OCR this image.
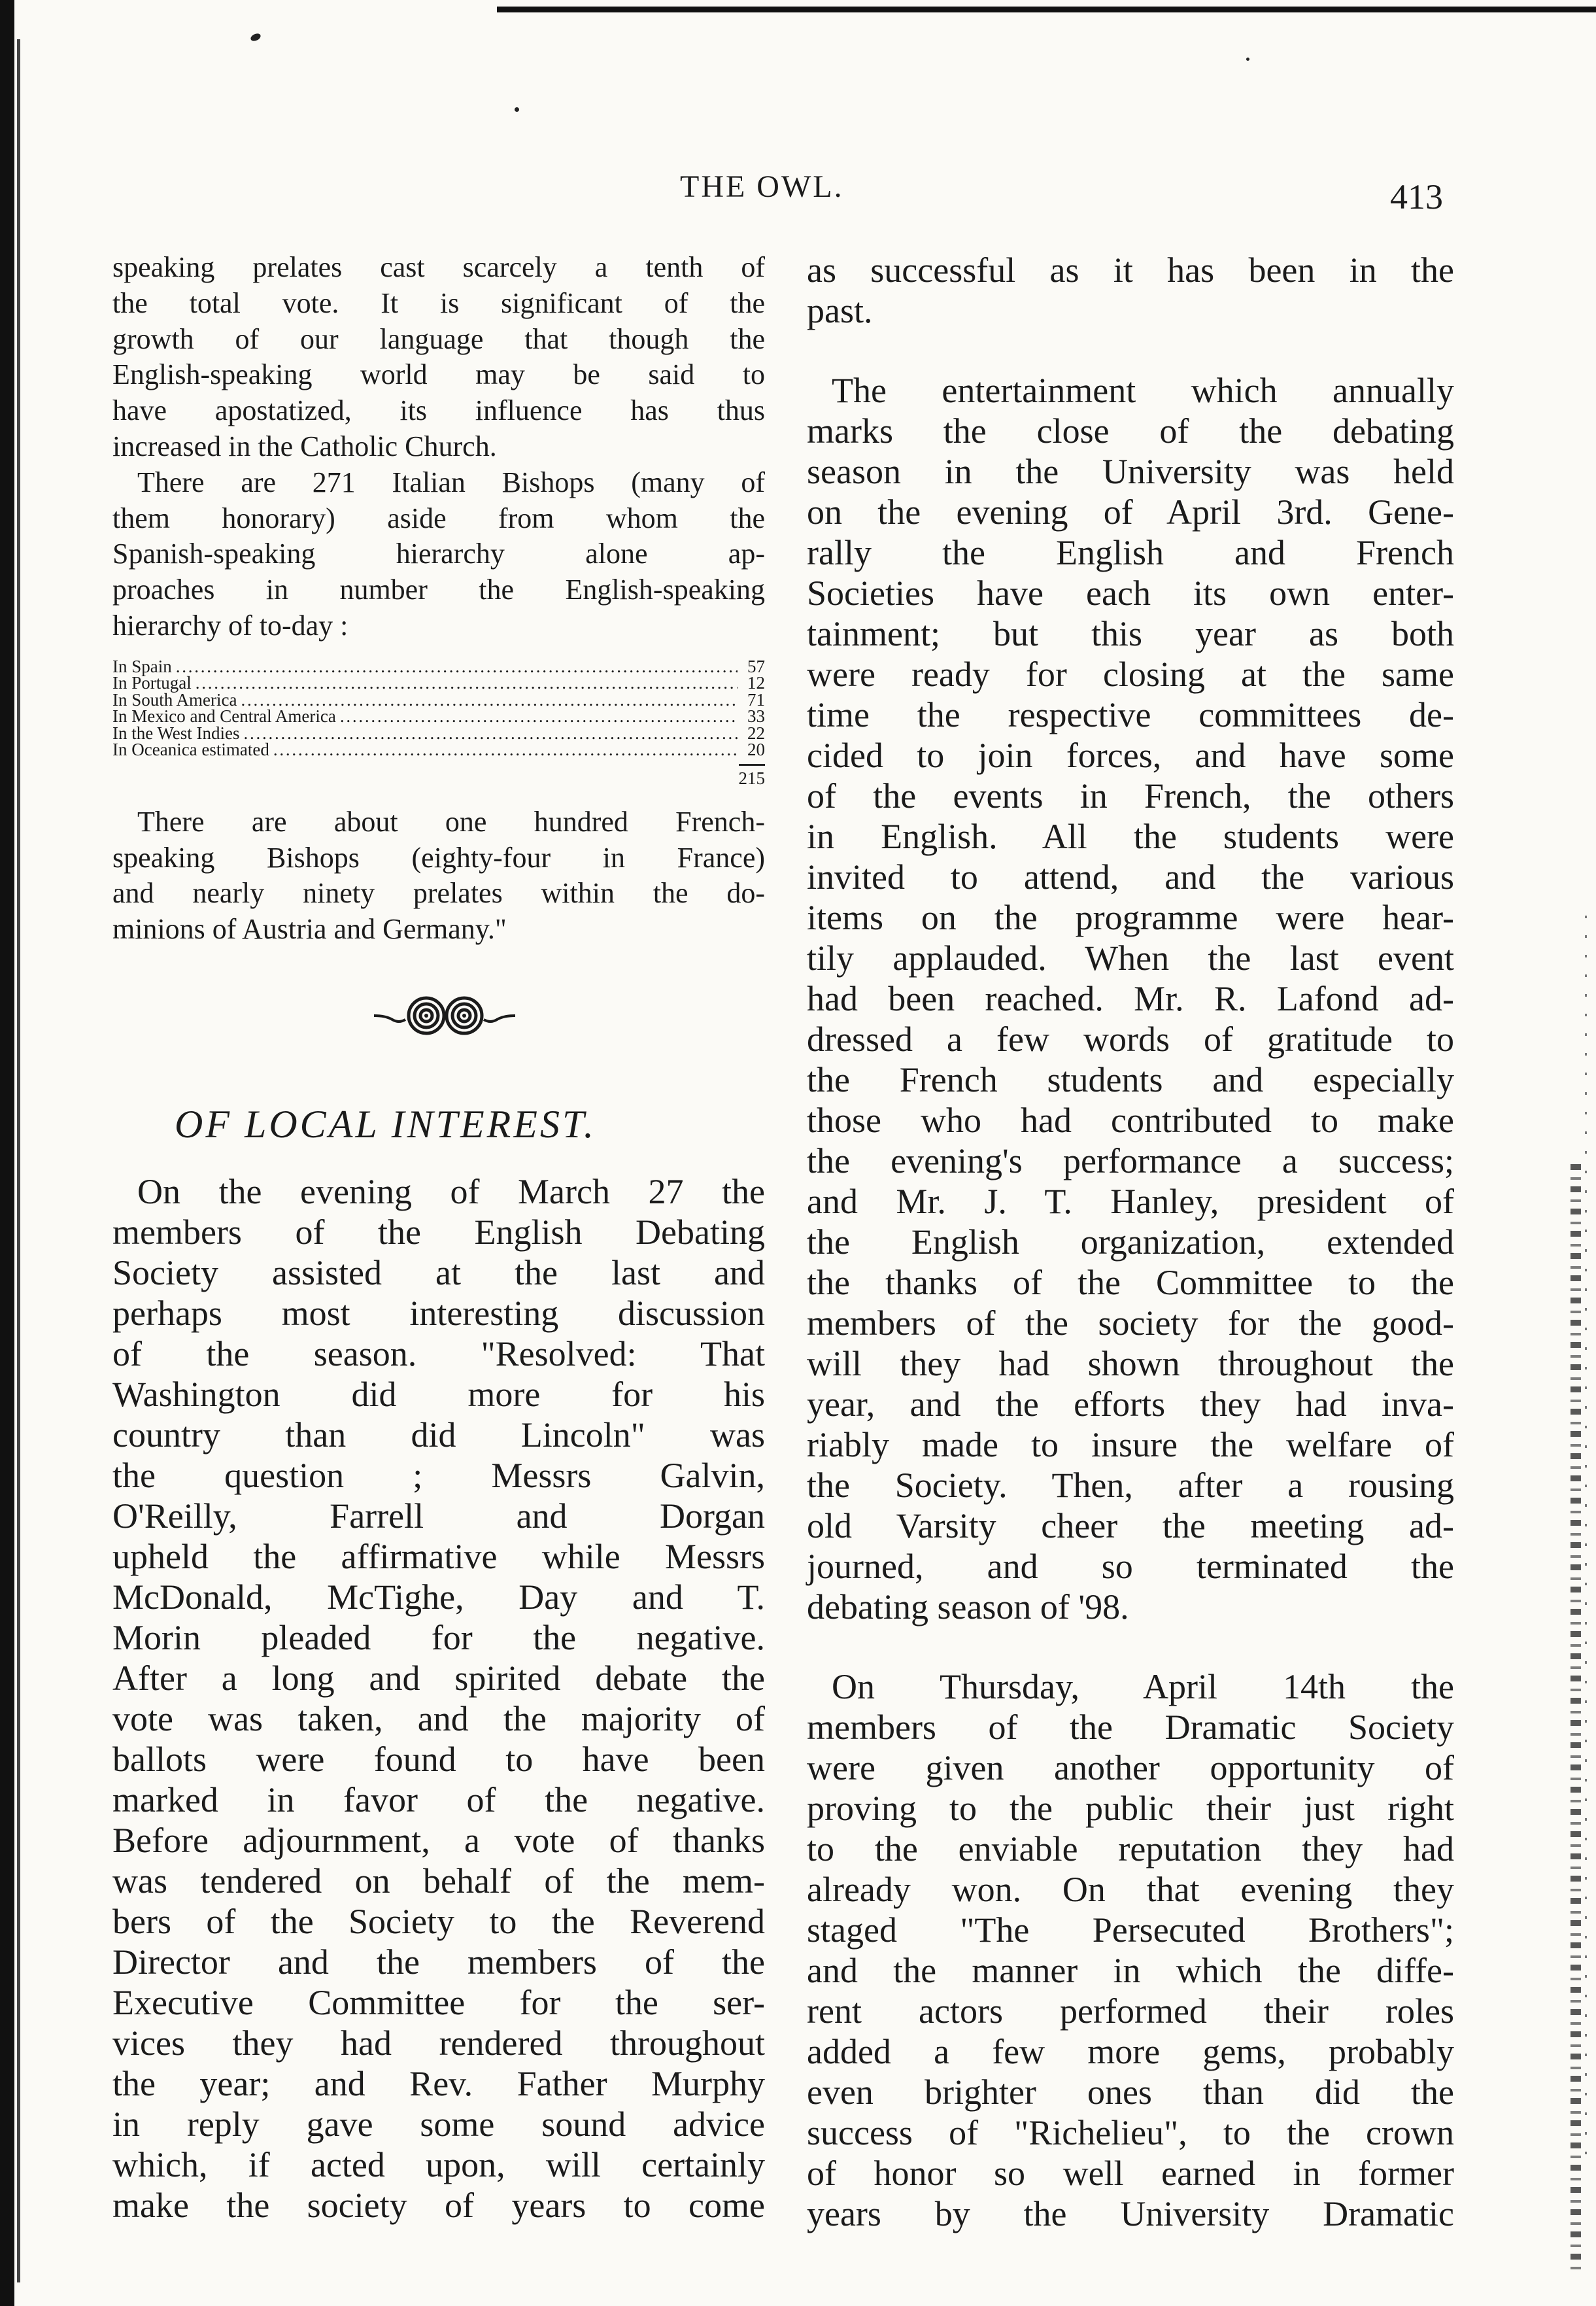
THE OWL.	413
speaking prelates cast scarcely a tenth of
the total vote. It is significant of the
growth of our language that though the
English-speaking world may be said to
have apostatized, its influence has thus
increased in the Catholic Church.
There are 271 Italian Bishops (many of
them honorary) aside from whom the
Spanish-speaking hierarchy alone ap-
proaches in number the English-speaking
hierarchy of to-day :
In Spain . . .	57
In Portugal . . .	12
In South America . . .	71
In Mexico and Central America . . .	33
In the West Indies . . .	22
In Oceanica estimated . . .	20
215
There are about one hundred French-
speaking Bishops (eighty-four in France)
and nearly ninety prelates within the do-
minions of Austria and Germany."
OF LOCAL INTEREST.
On the evening of March 27 the
members of the English Debating
Society assisted at the last and
perhaps most interesting discussion
of the season. "Resolved: That
Washington did more for his
country than did Lincoln" was
the question ; Messrs Galvin,
O'Reilly, Farrell and Dorgan
upheld the affirmative while Messrs
McDonald, McTighe, Day and T.
Morin pleaded for the negative.
After a long and spirited debate the
vote was taken, and the majority of
ballots were found to have been
marked in favor of the negative.
Before adjournment, a vote of thanks
was tendered on behalf of the mem-
bers of the Society to the Reverend
Director and the members of the
Executive Committee for the ser-
vices they had rendered throughout
the year; and Rev. Father Murphy
in reply gave some sound advice
which, if acted upon, will certainly
make the society of years to come
as successful as it has been in the
past.
The entertainment which annually
marks the close of the debating
season in the University was held
on the evening of April 3rd. Gene-
rally the English and French
Societies have each its own enter-
tainment; but this year as both
were ready for closing at the same
time the respective committees de-
cided to join forces, and have some
of the events in French, the others
in English. All the students were
invited to attend, and the various
items on the programme were hear-
tily applauded. When the last event
had been reached. Mr. R. Lafond ad-
dressed a few words of gratitude to
the French students and especially
those who had contributed to make
the evening's performance a success;
and Mr. J. T. Hanley, president of
the English organization, extended
the thanks of the Committee to the
members of the society for the good-
will they had shown throughout the
year, and the efforts they had inva-
riably made to insure the welfare of
the Society. Then, after a rousing
old Varsity cheer the meeting ad-
journed, and so terminated the
debating season of '98.
On Thursday, April 14th the
members of the Dramatic Society
were given another opportunity of
proving to the public their just right
to the enviable reputation they had
already won. On that evening they
staged "The Persecuted Brothers";
and the manner in which the diffe-
rent actors performed their roles
added a few more gems, probably
even brighter ones than did the
success of "Richelieu", to the crown
of honor so well earned in former
years by the University Dramatic
